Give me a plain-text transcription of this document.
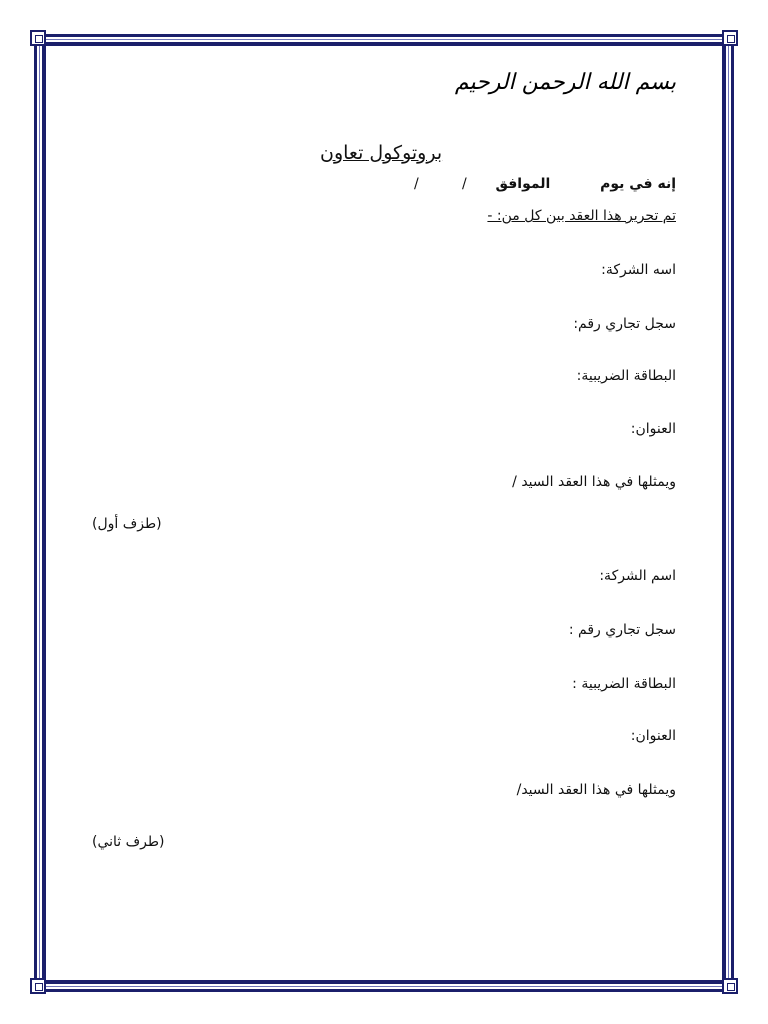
بسم الله الرحمن الرحيم
بروتوكول تعاون
إنه في يوم  الموافق
/
/
تم تحرير هذا العقد بين كل من: -
اسه الشركة:
سجل تجاري رقم:
البطاقة الضريبية:
العنوان:
ويمثلها في هذا العقد السيد /
(طزف أول)
اسم الشركة:
سجل تجاري رقم :
البطاقة الضريبية :
العنوان:
ويمثلها في هذا العقد السيد/
(طرف ثاني)
